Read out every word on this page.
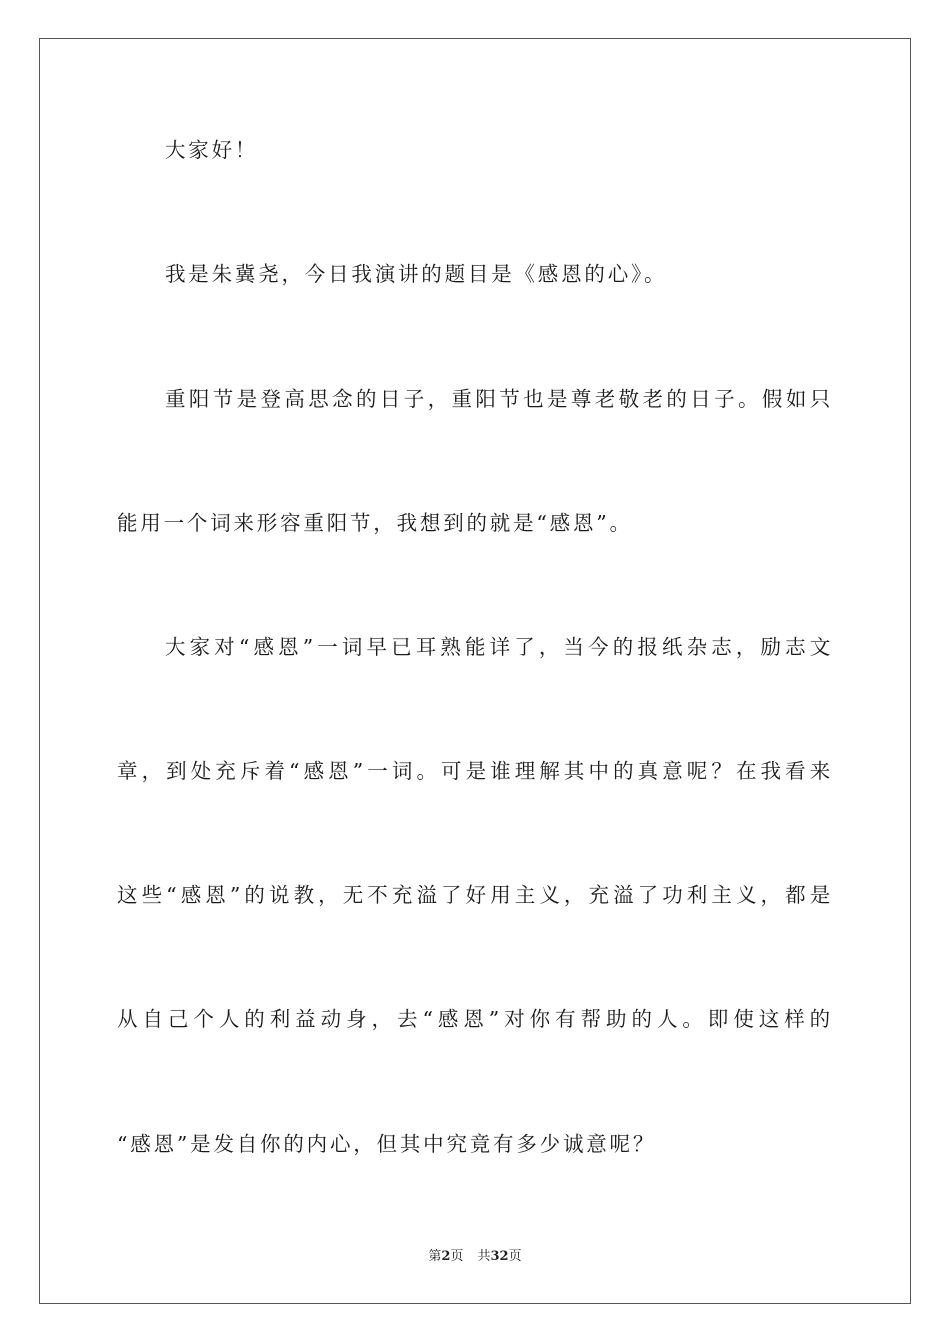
大家好！
我是朱冀尧，今日我演讲的题目是《感恩的心》。
重阳节是登高思念的日子，重阳节也是尊老敬老的日子。假如只
能用一个词来形容重阳节，我想到的就是“感恩”。
大家对“感恩”一词早已耳熟能详了，当今的报纸杂志，励志文
章，到处充斥着“感恩”一词。可是谁理解其中的真意呢？在我看来
这些“感恩”的说教，无不充溢了好用主义，充溢了功利主义，都是
从自己个人的利益动身，去“感恩”对你有帮助的人。即使这样的
“感恩”是发自你的内心，但其中究竟有多少诚意呢？
第2页 共32页
